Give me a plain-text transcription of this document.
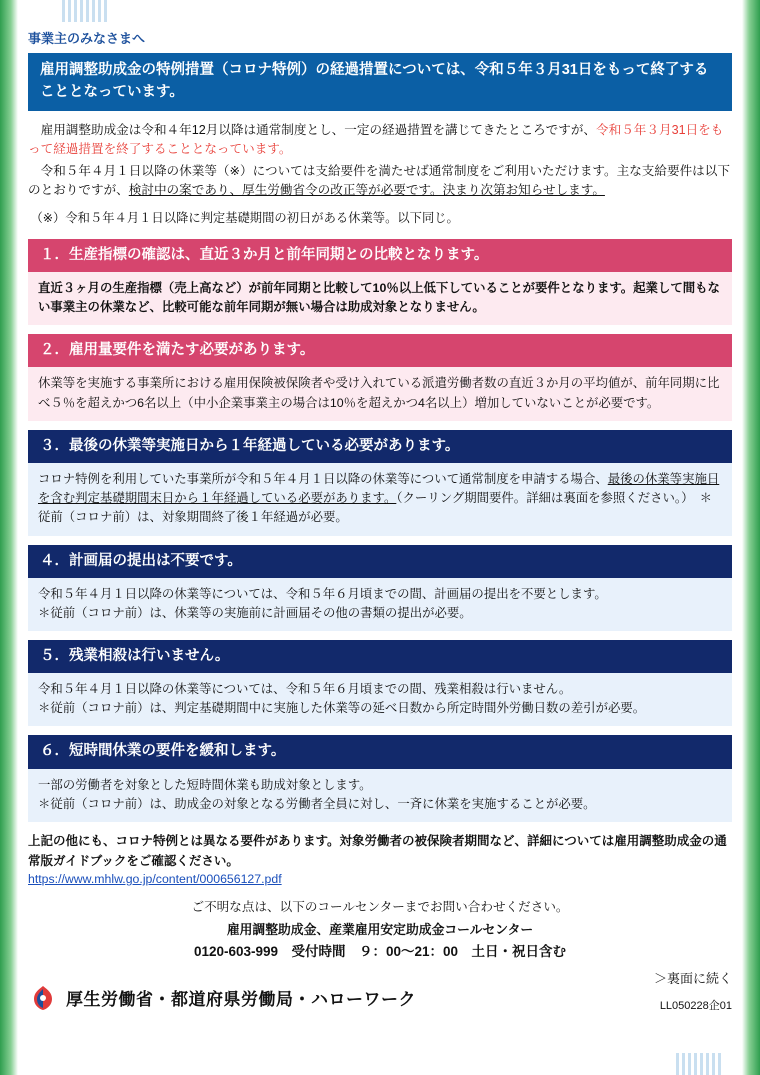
事業主のみなさまへ
雇用調整助成金の特例措置（コロナ特例）の経過措置については、令和５年３月31日をもって終了することとなっています。

雇用調整助成金は令和４年12月以降は通常制度とし、一定の経過措置を講じてきたところですが、令和５年３月31日をもって経過措置を終了することとなっています。

令和５年４月１日以降の休業等（※）については支給要件を満たせば通常制度をご利用いただけます。主な支給要件は以下のとおりですが、検討中の案であり、厚生労働省令の改正等が必要です。決まり次第お知らせします。

（※）令和５年４月１日以降に判定基礎期間の初日がある休業等。以下同じ。
１．生産指標の確認は、直近３か月と前年同期との比較となります。
直近３ヶ月の生産指標（売上高など）が前年同期と比較して10％以上低下していることが要件となります。起業して間もない事業主の休業など、比較可能な前年同期が無い場合は助成対象となりません。
２．雇用量要件を満たす必要があります。
休業等を実施する事業所における雇用保険被保険者や受け入れている派遣労働者数の直近３か月の平均値が、前年同期に比べ５％を超えかつ6名以上（中小企業事業主の場合は10％を超えかつ4名以上）増加していないことが必要です。
３．最後の休業等実施日から１年経過している必要があります。
コロナ特例を利用していた事業所が令和５年４月１日以降の休業等について通常制度を申請する場合、最後の休業等実施日を含む判定基礎期間末日から１年経過している必要があります。（クーリング期間要件。詳細は裏面を参照ください。）　＊従前（コロナ前）は、対象期間終了後１年経過が必要。
４．計画届の提出は不要です。
令和５年４月１日以降の休業等については、令和５年６月頃までの間、計画届の提出を不要とします。
＊従前（コロナ前）は、休業等の実施前に計画届その他の書類の提出が必要。
５．残業相殺は行いません。
令和５年４月１日以降の休業等については、令和５年６月頃までの間、残業相殺は行いません。
＊従前（コロナ前）は、判定基礎期間中に実施した休業等の延べ日数から所定時間外労働日数の差引が必要。
６．短時間休業の要件を緩和します。
一部の労働者を対象とした短時間休業も助成対象とします。
＊従前（コロナ前）は、助成金の対象となる労働者全員に対し、一斉に休業を実施することが必要。
上記の他にも、コロナ特例とは異なる要件があります。対象労働者の被保険者期間など、詳細については雇用調整助成金の通常版ガイドブックをご確認ください。
https://www.mhlw.go.jp/content/000656127.pdf
ご不明な点は、以下のコールセンターまでお問い合わせください。
雇用調整助成金、産業雇用安定助成金コールセンター
0120-603-999　受付時間　９：00～21：00　土日・祝日含む
厚生労働省・都道府県労働局・ハローワーク
＞裏面に続く
LL050228企01
